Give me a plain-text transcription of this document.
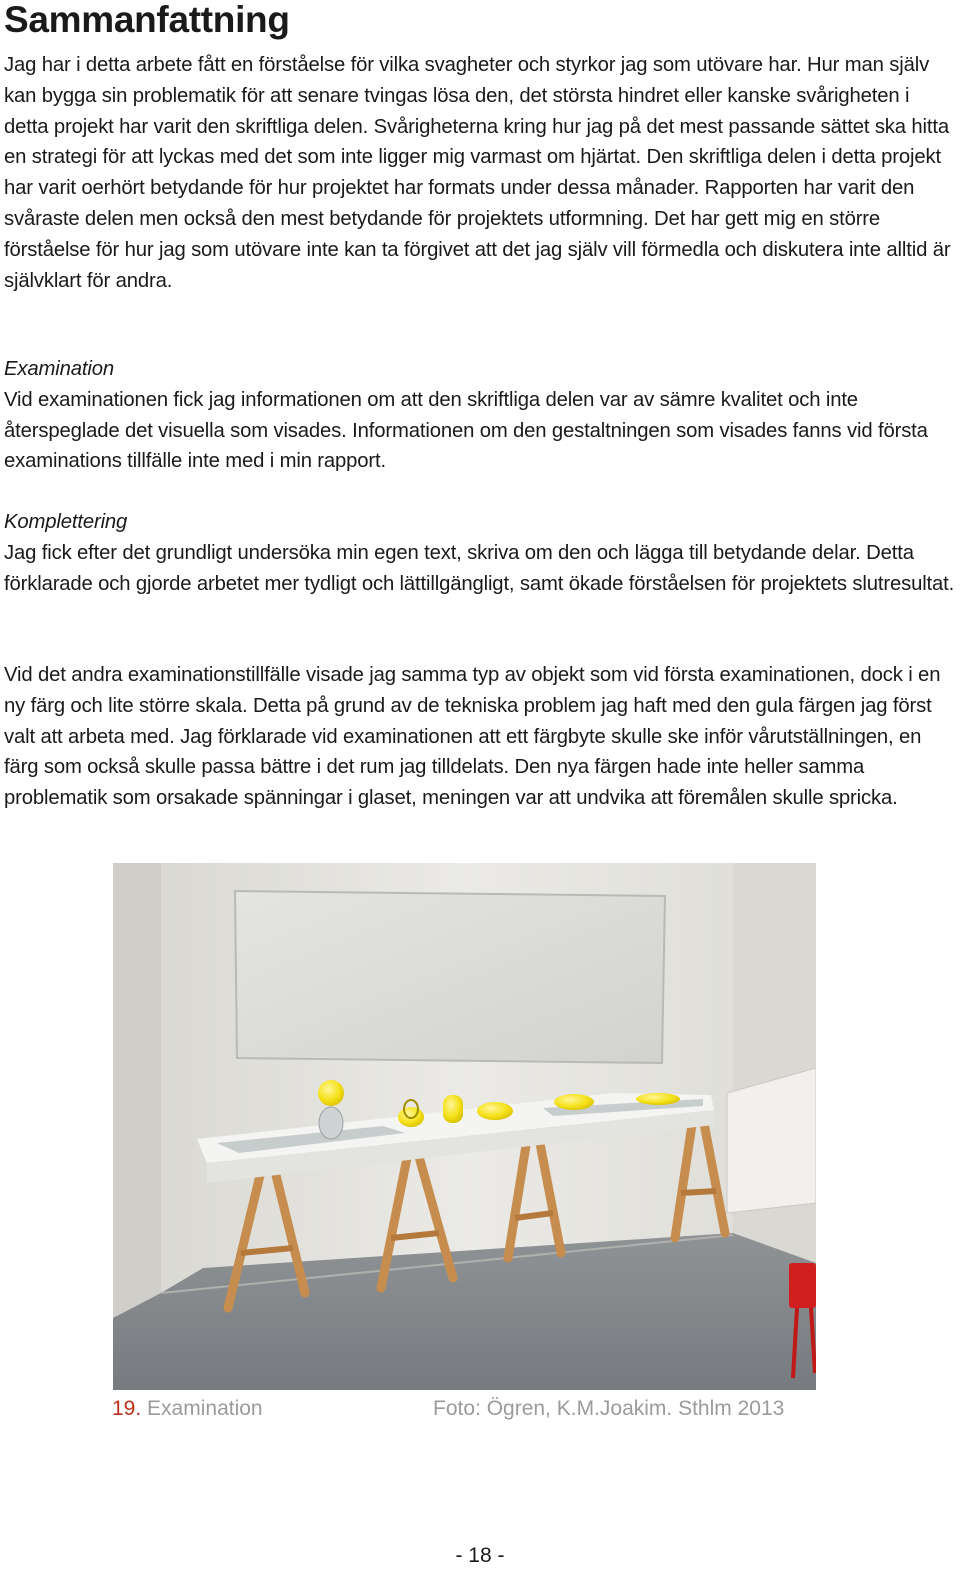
Sammanfattning

Jag har i detta arbete fått en förståelse för vilka svagheter och styrkor jag som utövare har. Hur man själv kan bygga sin problematik för att senare tvingas lösa den, det största hindret eller kanske svårigheten i detta projekt har varit den skriftliga delen. Svårigheterna kring hur jag på det mest passande sättet ska hitta en strategi för att lyckas med det som inte ligger mig varmast om hjärtat. Den skriftliga delen i detta projekt har varit oerhört betydande för hur projektet har formats under dessa månader. Rapporten har varit den svåraste delen men också den mest betydande för projektets utformning. Det har gett mig en större förståelse för hur jag som utövare inte kan ta förgivet att det jag själv vill förmedla och diskutera inte alltid är självklart för andra.

Examination
Vid examinationen fick jag informationen om att den skriftliga delen var av sämre kvalitet och inte återspeglade det visuella som visades. Informationen om den gestaltningen som visades fanns vid första examinations tillfälle inte med i min rapport.

Komplettering
Jag fick efter det grundligt undersöka min egen text, skriva om den och lägga till betydande delar. Detta förklarade och gjorde arbetet mer tydligt och lättillgängligt, samt ökade förståelsen för projektets slutresultat.

Vid det andra examinationstillfälle visade jag samma typ av objekt som vid första examinationen, dock i en ny färg och lite större skala. Detta på grund av de tekniska problem jag haft med den gula färgen jag först valt att arbeta med. Jag förklarade vid examinationen att ett färgbyte skulle ske inför vårutställningen, en färg som också skulle passa bättre i det rum jag tilldelats. Den nya färgen hade inte heller samma problematik som orsakade spänningar i glaset, meningen var att undvika att föremålen skulle spricka.

19. Examination	Foto: Ögren, K.M.Joakim. Sthlm 2013
- 18 -
